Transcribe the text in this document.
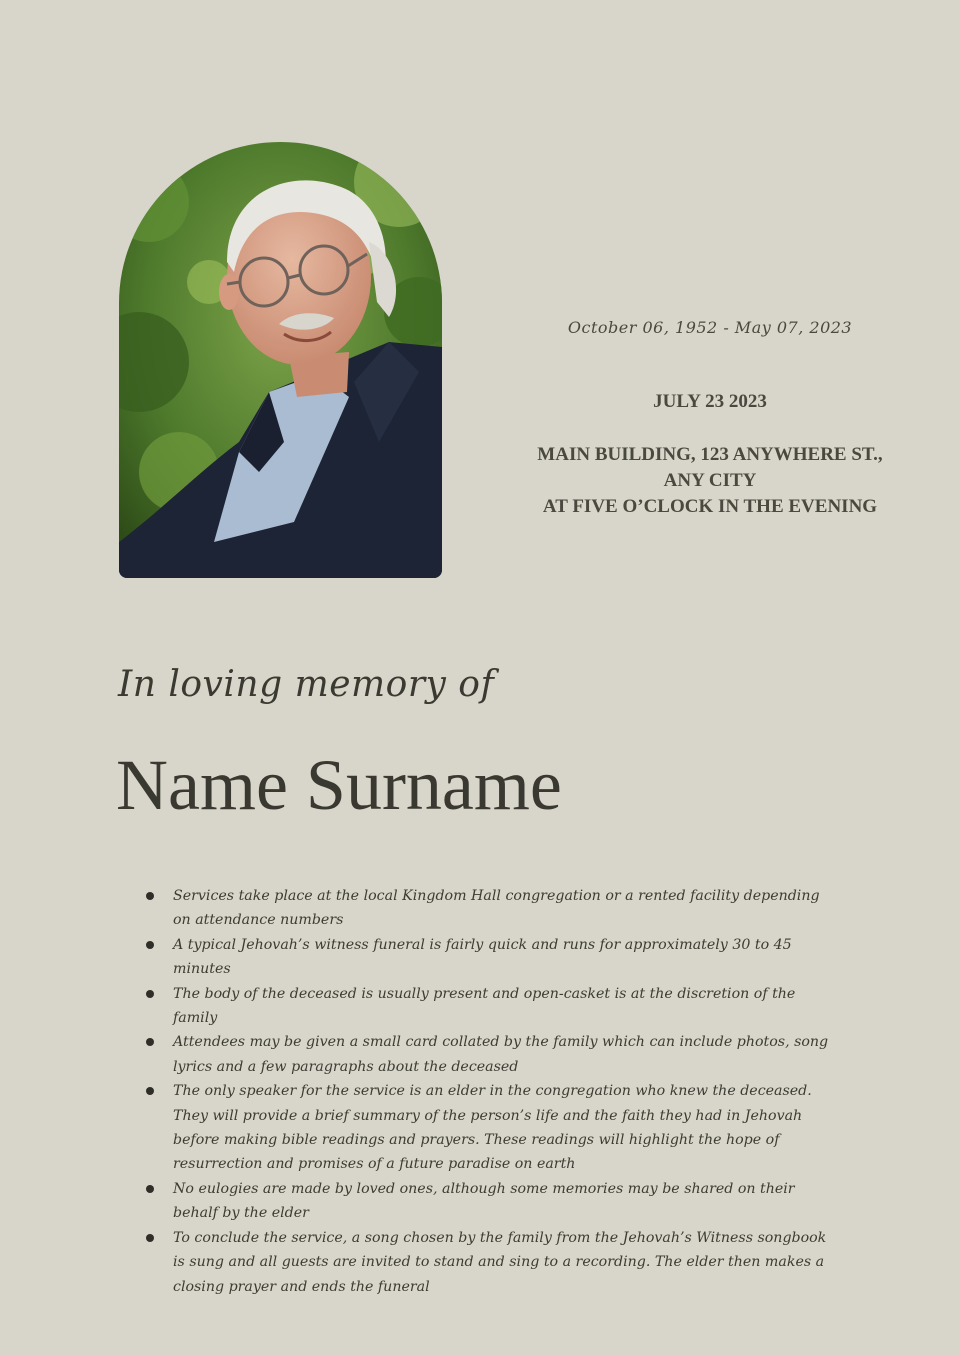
October 06, 1952 - May 07, 2023
JULY 23 2023
MAIN BUILDING, 123 ANYWHERE ST.,
ANY CITY
AT FIVE O’CLOCK IN THE EVENING
In loving memory of
Name Surname
Services take place at the local Kingdom Hall congregation or a rented facility depending on attendance numbers
A typical Jehovah’s witness funeral is fairly quick and runs for approximately 30 to 45 minutes
The body of the deceased is usually present and open-casket is at the discretion of the family
Attendees may be given a small card collated by the family which can include photos, song lyrics and a few paragraphs about the deceased
The only speaker for the service is an elder in the congregation who knew the deceased. They will provide a brief summary of the person’s life and the faith they had in Jehovah before making bible readings and prayers. These readings will highlight the hope of resurrection and promises of a future paradise on earth
No eulogies are made by loved ones, although some memories may be shared on their behalf by the elder
To conclude the service, a song chosen by the family from the Jehovah’s Witness songbook is sung and all guests are invited to stand and sing to a recording. The elder then makes a closing prayer and ends the funeral
